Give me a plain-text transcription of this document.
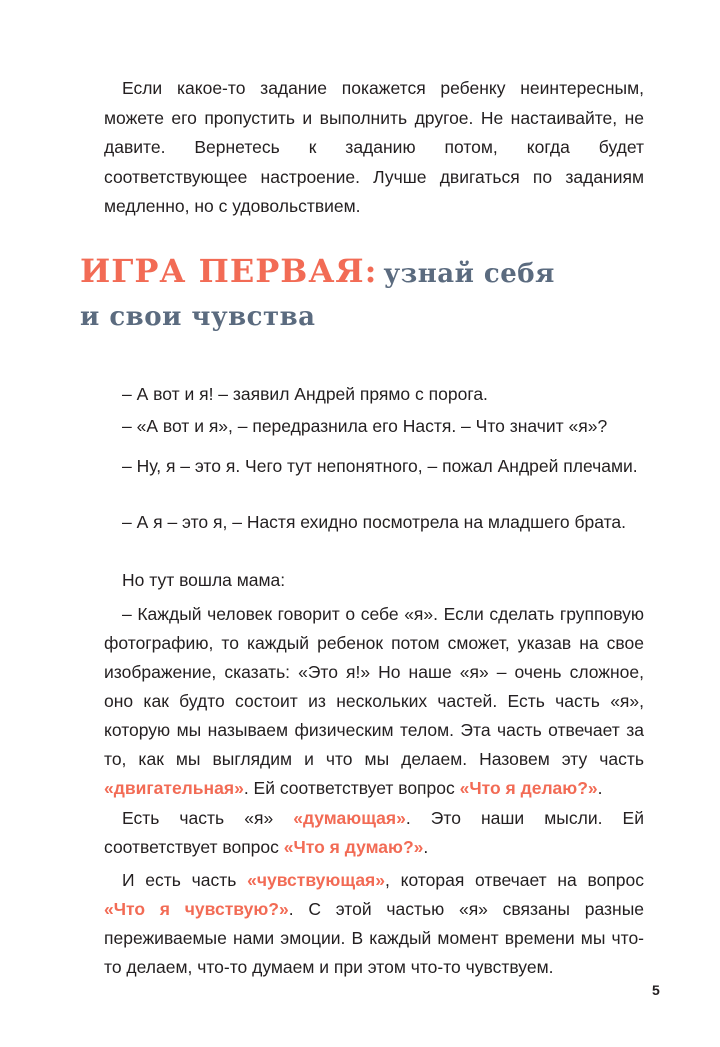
Если какое-то задание покажется ребенку неинтересным, можете его пропустить и выполнить другое. Не настаивайте, не давите. Вернетесь к заданию потом, когда будет соответствующее настроение. Лучше двигаться по заданиям медленно, но с удовольствием.

ИГРА ПЕРВАЯ: узнай себя
и свои чувства

– А вот и я! – заявил Андрей прямо с порога.

– «А вот и я», – передразнила его Настя. – Что значит «я»?

– Ну, я – это я. Чего тут непонятного, – пожал Андрей плечами.

– А я – это я, – Настя ехидно посмотрела на младшего брата.

Но тут вошла мама:

– Каждый человек говорит о себе «я». Если сделать групповую фотографию, то каждый ребенок потом сможет, указав на свое изображение, сказать: «Это я!» Но наше «я» – очень сложное, оно как будто состоит из нескольких частей. Есть часть «я», которую мы называем физическим телом. Эта часть отвечает за то, как мы выглядим и что мы делаем. Назовем эту часть «двигательная». Ей соответствует вопрос «Что я делаю?».

Есть часть «я» «думающая». Это наши мысли. Ей соответствует вопрос «Что я думаю?».

И есть часть «чувствующая», которая отвечает на вопрос «Что я чувствую?». С этой частью «я» связаны разные переживаемые нами эмоции. В каждый момент времени мы что-то делаем, что-то думаем и при этом что-то чувствуем.

5
